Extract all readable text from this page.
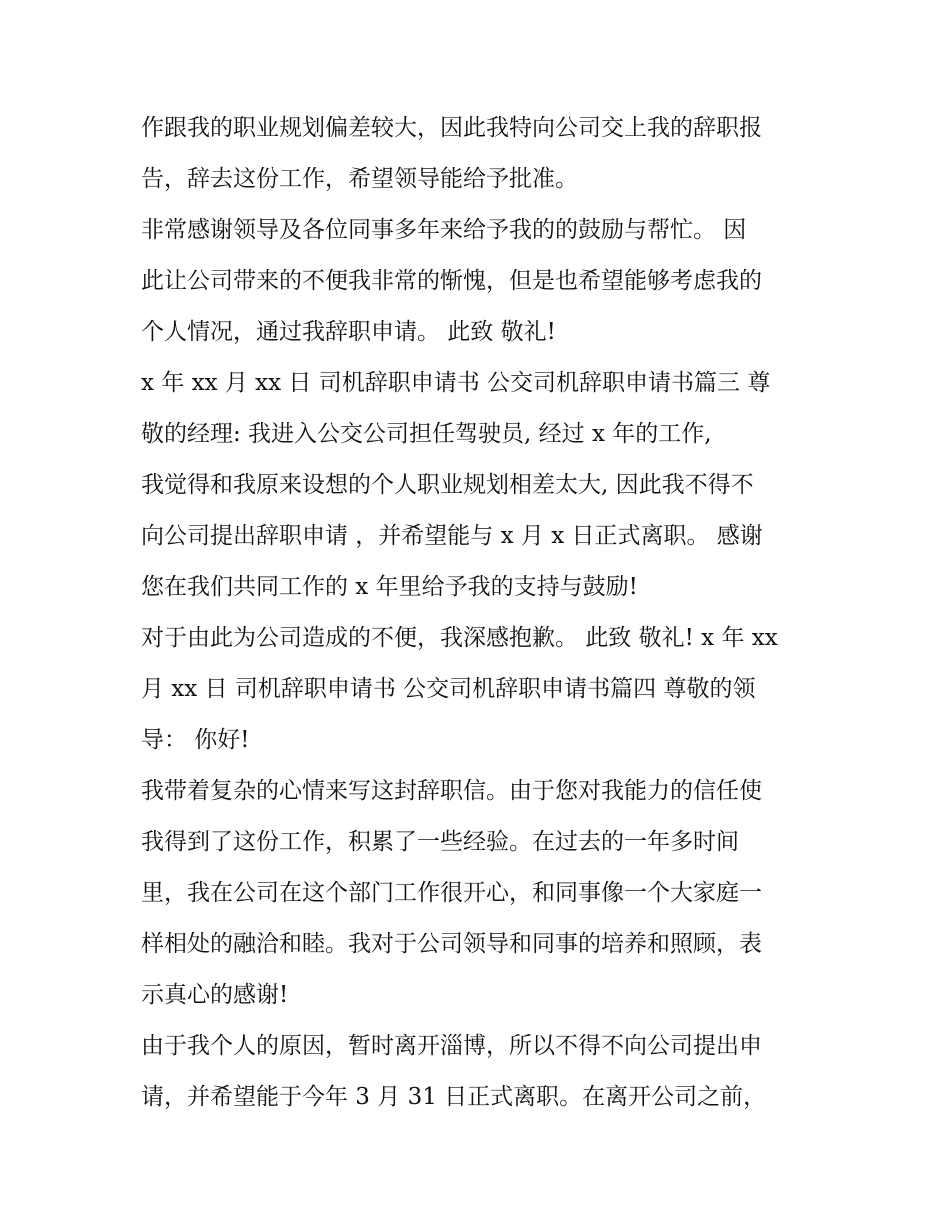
作跟我的职业规划偏差较大，因此我特向公司交上我的辞职报
告，辞去这份工作，希望领导能给予批准。
非常感谢领导及各位同事多年来给予我的的鼓励与帮忙。 因
此让公司带来的不便我非常的惭愧，但是也希望能够考虑我的
个人情况，通过我辞职申请。 此致 敬礼!
x 年 xx 月 xx 日 司机辞职申请书 公交司机辞职申请书篇三 尊
敬的经理: 我进入公交公司担任驾驶员, 经过 x 年的工作,
我觉得和我原来设想的个人职业规划相差太大, 因此我不得不
向公司提出辞职申请 ，并希望能与 x 月 x 日正式离职。 感谢
您在我们共同工作的 x 年里给予我的支持与鼓励!
对于由此为公司造成的不便，我深感抱歉。 此致 敬礼! x 年 xx
月 xx 日 司机辞职申请书 公交司机辞职申请书篇四 尊敬的领
导： 你好!
我带着复杂的心情来写这封辞职信。由于您对我能力的信任使
我得到了这份工作，积累了一些经验。在过去的一年多时间
里，我在公司在这个部门工作很开心，和同事像一个大家庭一
样相处的融洽和睦。我对于公司领导和同事的培养和照顾，表
示真心的感谢!
由于我个人的原因，暂时离开淄博，所以不得不向公司提出申
请，并希望能于今年 3 月 31 日正式离职。在离开公司之前，
